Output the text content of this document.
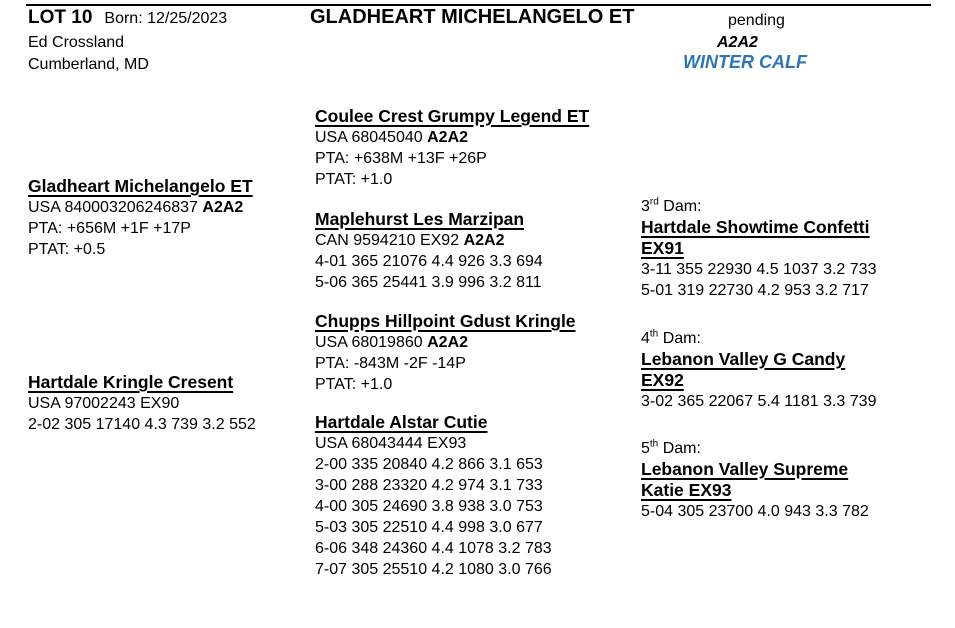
LOT 10 Born: 12/25/2023	GLADHEART MICHELANGELO ET	pending
A2A2
WINTER CALF
Ed Crossland
Cumberland, MD
Gladheart Michelangelo ET
USA 840003206246837 A2A2
PTA: +656M +1F +17P
PTAT: +0.5
Coulee Crest Grumpy Legend ET
USA 68045040 A2A2
PTA: +638M +13F +26P
PTAT: +1.0
Maplehurst Les Marzipan
CAN 9594210 EX92 A2A2
4-01 365 21076 4.4 926 3.3 694
5-06 365 25441 3.9 996 3.2 811
Hartdale Kringle Cresent
USA 97002243 EX90
2-02 305 17140 4.3 739 3.2 552
Chupps Hillpoint Gdust Kringle
USA 68019860 A2A2
PTA: -843M -2F -14P
PTAT: +1.0
Hartdale Alstar Cutie
USA 68043444 EX93
2-00 335 20840 4.2 866 3.1 653
3-00 288 23320 4.2 974 3.1 733
4-00 305 24690 3.8 938 3.0 753
5-03 305 22510 4.4 998 3.0 677
6-06 348 24360 4.4 1078 3.2 783
7-07 305 25510 4.2 1080 3.0 766
3rd Dam:
Hartdale Showtime Confetti
EX91
3-11 355 22930 4.5 1037 3.2 733
5-01 319 22730 4.2 953 3.2 717
4th Dam:
Lebanon Valley G Candy
EX92
3-02 365 22067 5.4 1181 3.3 739
5th Dam:
Lebanon Valley Supreme
Katie EX93
5-04 305 23700 4.0 943 3.3 782
